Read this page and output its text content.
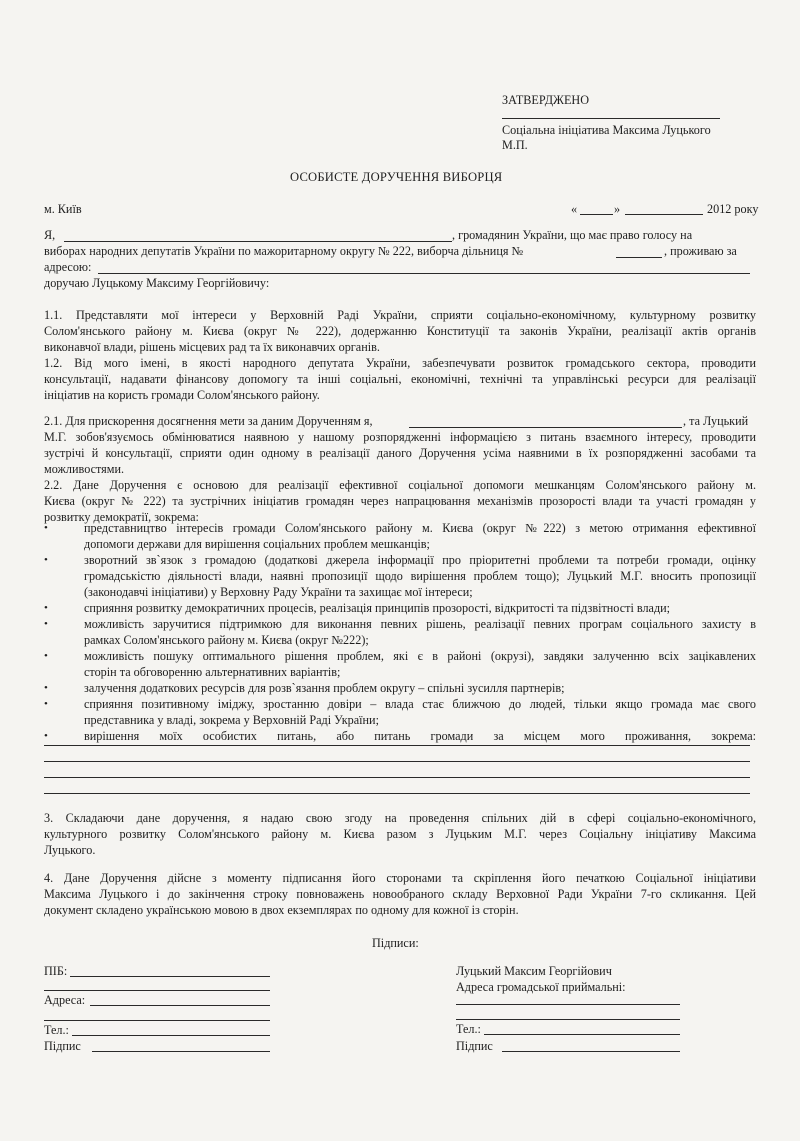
ЗАТВЕРДЖЕНО
Соціальна ініціатива Максима Луцького
М.П.
ОСОБИСТЕ ДОРУЧЕННЯ ВИБОРЦЯ
м. Київ	«	»	2012 року
Я,	, громадянин України, що має право голосу на
виборах народних депутатів України по мажоритарному округу № 222, виборча дільниця №	, проживаю за
адресою:
доручаю Луцькому Максиму Георгійовичу:
1.1. Представляти мої інтереси у Верховній Раді України, сприяти соціально-економічному, культурному розвитку
Солом'янського району м. Києва (округ № 222), додержанню Конституції та законів України, реалізації актів органів
виконавчої влади, рішень місцевих рад та їх виконавчих органів.
1.2. Від мого імені, в якості народного депутата України, забезпечувати розвиток громадського сектора, проводити
консультації, надавати фінансову допомогу та інші соціальні, економічні, технічні та управлінські ресурси для реалізації
ініціатив на користь громади Солом'янського району.
2.1. Для прискорення досягнення мети за даним Дорученням я,	, та Луцький
М.Г. зобов'язуємось обмінюватися наявною у нашому розпорядженні інформацією з питань взаємного інтересу, проводити
зустрічі й консультації, сприяти один одному в реалізації даного Доручення усіма наявними в їх розпорядженні засобами та
можливостями.
2.2. Дане Доручення є основою для реалізації ефективної соціальної допомоги мешканцям Солом'янського району м.
Києва (округ № 222) та зустрічних ініціатив громадян через напрацювання механізмів прозорості влади та участі громадян у
розвитку демократії, зокрема:
•	представництво інтересів громади Солом'янського району м. Києва (округ №222) з метою отримання ефективної
допомоги держави для вирішення соціальних проблем мешканців;
•	зворотний зв`язок з громадою (додаткові джерела інформації про пріоритетні проблеми та потреби громади, оцінку
громадськістю діяльності влади, наявні пропозиції щодо вирішення проблем тощо); Луцький М.Г. вносить пропозиції
(законодавчі ініціативи) у Верховну Раду України та захищає мої інтереси;
•	сприяння розвитку демократичних процесів, реалізація принципів прозорості, відкритості та підзвітності влади;
•	можливість заручитися підтримкою для виконання певних рішень, реалізації певних програм соціального захисту в
рамках Солом'янського району м. Києва (округ №222);
•	можливість пошуку оптимального рішення проблем, які є в районі (окрузі), завдяки залученню всіх зацікавлених
сторін та обговоренню альтернативних варіантів;
•	залучення додаткових ресурсів для розв`язання проблем округу – спільні зусилля партнерів;
•	сприяння позитивному іміджу, зростанню довіри – влада стає ближчою до людей, тільки якщо громада має свого
представника у владі, зокрема у Верховній Раді України;
•	вирішення моїх особистих питань, або питань громади за місцем мого проживання, зокрема:
3. Складаючи дане доручення, я надаю свою згоду на проведення спільних дій в сфері соціально-економічного,
культурного розвитку Солом'янського району м. Києва разом з Луцьким М.Г. через Соціальну ініціативу Максима
Луцького.
4. Дане Доручення дійсне з моменту підписання його сторонами та скріплення його печаткою Соціальної ініціативи
Максима Луцького і до закінчення строку повноважень новообраного складу Верховної Ради України 7-го скликання. Цей
документ складено українською мовою в двох екземплярах по одному для кожної із сторін.
Підписи:
ПІБ:
Адреса:
Тел.:
Підпис
Луцький Максим Георгійович
Адреса громадської приймальні:
Тел.:
Підпис
